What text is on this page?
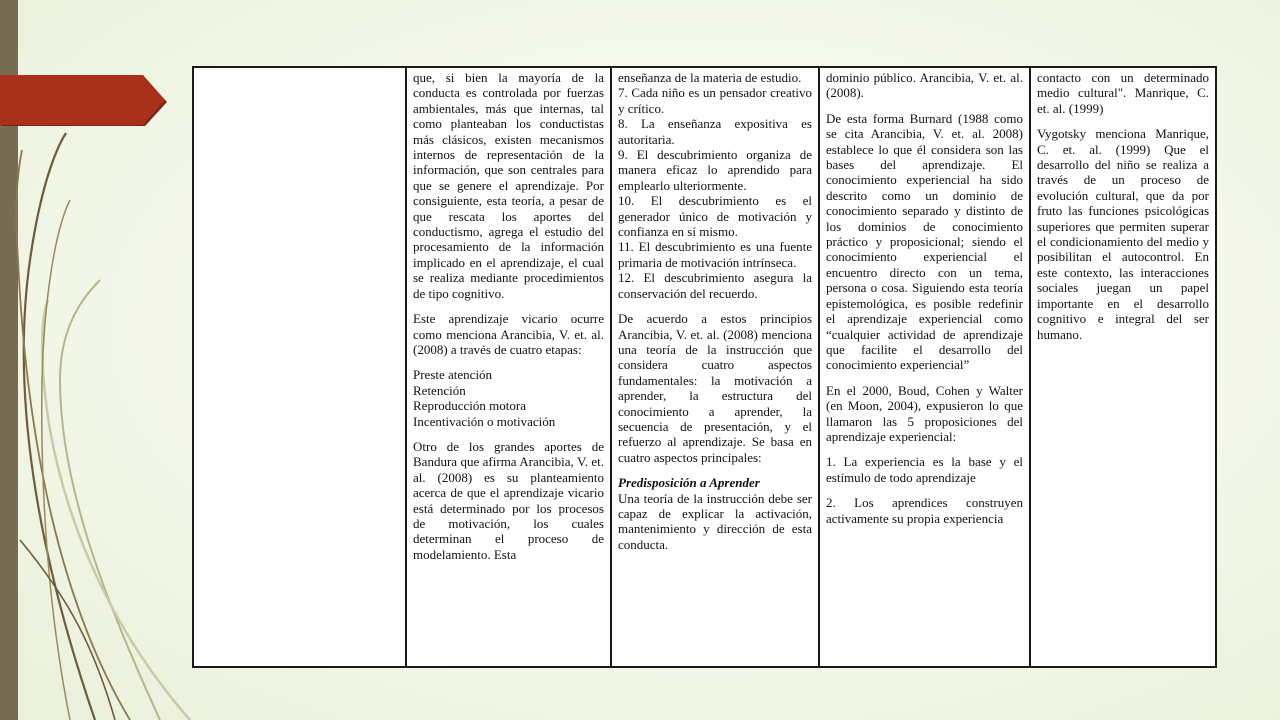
que, si bien la mayoría de la conducta es controlada por fuerzas ambientales, más que internas, tal como planteaban los conductistas más clásicos, existen mecanismos internos de representación de la información, que son centrales para que se genere el aprendizaje. Por consiguiente, esta teoría, a pesar de que rescata los aportes del conductismo, agrega el estudio del procesamiento de la información implicado en el aprendizaje, el cual se realiza mediante procedimientos de tipo cognitivo.

Este aprendizaje vicario ocurre como menciona Arancibia, V. et. al. (2008) a través de cuatro etapas:

Preste atención

Retención

Reproducción motora

Incentivación o motivación

Otro de los grandes aportes de Bandura que afirma Arancibia, V. et. al. (2008) es su planteamiento acerca de que el aprendizaje vicario está determinado por los procesos de motivación, los cuales determinan el proceso de modelamiento. Esta

enseñanza de la materia de estudio.

7. Cada niño es un pensador creativo y crítico.

8. La enseñanza expositiva es autoritaria.

9. El descubrimiento organiza de manera eficaz lo aprendido para emplearlo ulteriormente.

10. El descubrimiento es el generador único de motivación y confianza en sí mismo.

11. El descubrimiento es una fuente primaria de motivación intrínseca.

12. El descubrimiento asegura la conservación del recuerdo.

De acuerdo a estos principios Arancibia, V. et. al. (2008) menciona una teoría de la instrucción que considera cuatro aspectos fundamentales: la motivación a aprender, la estructura del conocimiento a aprender, la secuencia de presentación, y el refuerzo al aprendizaje. Se basa en cuatro aspectos principales:

Predisposición a Aprender

Una teoría de la instrucción debe ser capaz de explicar la activación, mantenimiento y dirección de esta conducta.

dominio público. Arancibia, V. et. al. (2008).

De esta forma Burnard (1988 como se cita Arancibia, V. et. al. 2008) establece lo que él considera son las bases del aprendizaje. El conocimiento experiencial ha sido descrito como un dominio de conocimiento separado y distinto de los dominios de conocimiento práctico y proposicional; siendo el conocimiento experiencial el encuentro directo con un tema, persona o cosa. Siguiendo esta teoría epistemológica, es posible redefinir el aprendizaje experiencial como “cualquier actividad de aprendizaje que facilite el desarrollo del conocimiento experiencial”

En el 2000, Boud, Cohen y Walter (en Moon, 2004), expusieron lo que llamaron las 5 proposiciones del aprendizaje experiencial:

1. La experiencia es la base y el estímulo de todo aprendizaje

2. Los aprendices construyen activamente su propia experiencia

contacto con un determinado medio cultural". Manrique, C. et. al. (1999)

Vygotsky menciona Manrique, C. et. al. (1999) Que el desarrollo del niño se realiza a través de un proceso de evolución cultural, que da por fruto las funciones psicológicas superiores que permiten superar el condicionamiento del medio y posibilitan el autocontrol. En este contexto, las interacciones sociales juegan un papel importante en el desarrollo cognitivo e integral del ser humano.
